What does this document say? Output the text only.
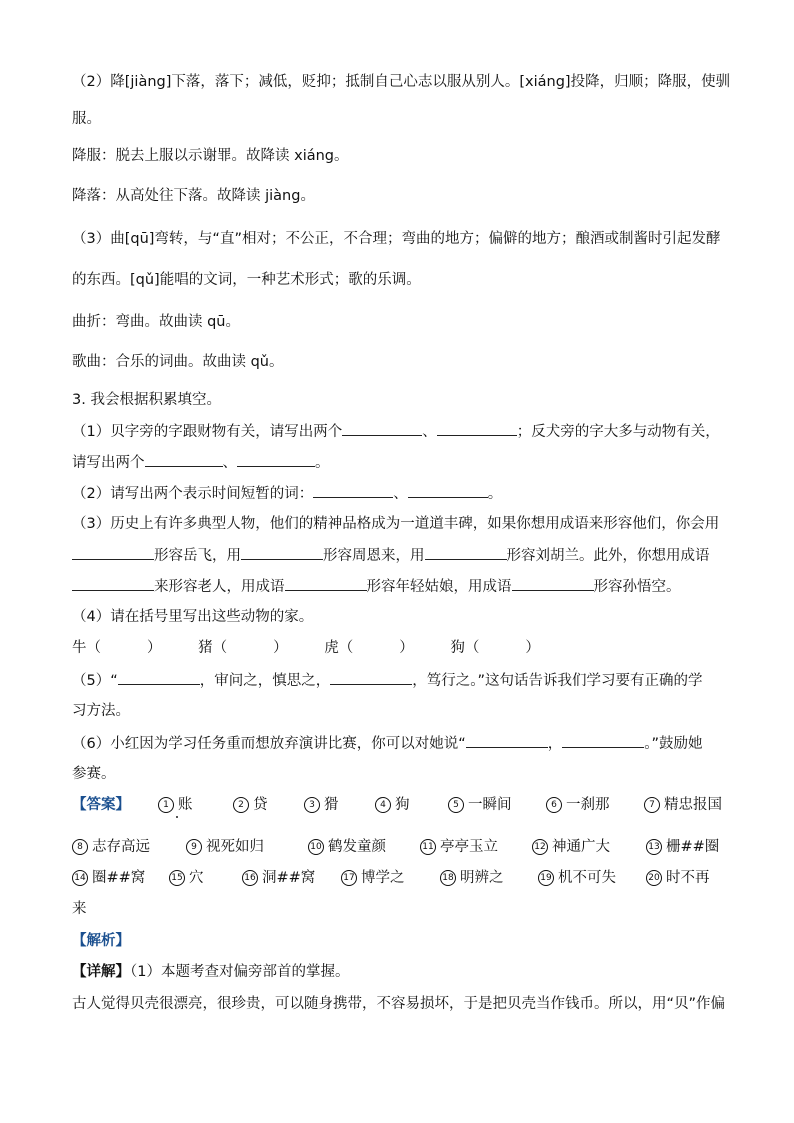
（2）降[jiàng]下落，落下；减低，贬抑；抵制自己心志以服从别人。[xiáng]投降，归顺；降服，使驯
服。
降服：脱去上服以示谢罪。故降读 xiáng。
降落：从高处往下落。故降读 jiàng。
（3）曲[qū]弯转，与“直”相对；不公正，不合理；弯曲的地方；偏僻的地方；酿酒或制酱时引起发酵
的东西。[qǔ]能唱的文词，一种艺术形式；歌的乐调。
曲折：弯曲。故曲读 qū。
歌曲：合乐的词曲。故曲读 qǔ。
3. 我会根据积累填空。
（1）贝字旁的字跟财物有关，请写出两个	、	；反犬旁的字大多与动物有关，
请写出两个	、	。
（2）请写出两个表示时间短暂的词：	、	。
（3）历史上有许多典型人物，他们的精神品格成为一道道丰碑，如果你想用成语来形容他们，你会用
形容岳飞，用	形容周恩来，用	形容刘胡兰。此外，你想用成语
来形容老人，用成语	形容年轻姑娘，用成语	形容孙悟空。
（4）请在括号里写出这些动物的家。
牛（	）	猪（	）	虎（	）	狗（	）
（5）“	，审问之，慎思之，	，笃行之。”这句话告诉我们学习要有正确的学
习方法。
（6）小红因为学习任务重而想放弃演讲比赛，你可以对她说“	，	。”鼓励她
参赛。
【答案】	1 账	2 贷	3 猾	4 狗	5 一瞬间	6 一刹那	7 精忠报国
8 志存高远	9 视死如归	10 鹤发童颜	11 亭亭玉立	12 神通广大	13 栅##圈
14 圈##窝	15 穴	16 洞##窝	17 博学之	18 明辨之	19 机不可失	20 时不再
来
【解析】
【详解】（1）本题考查对偏旁部首的掌握。
古人觉得贝壳很漂亮，很珍贵，可以随身携带，不容易损坏，于是把贝壳当作钱币。所以，用“贝”作偏
